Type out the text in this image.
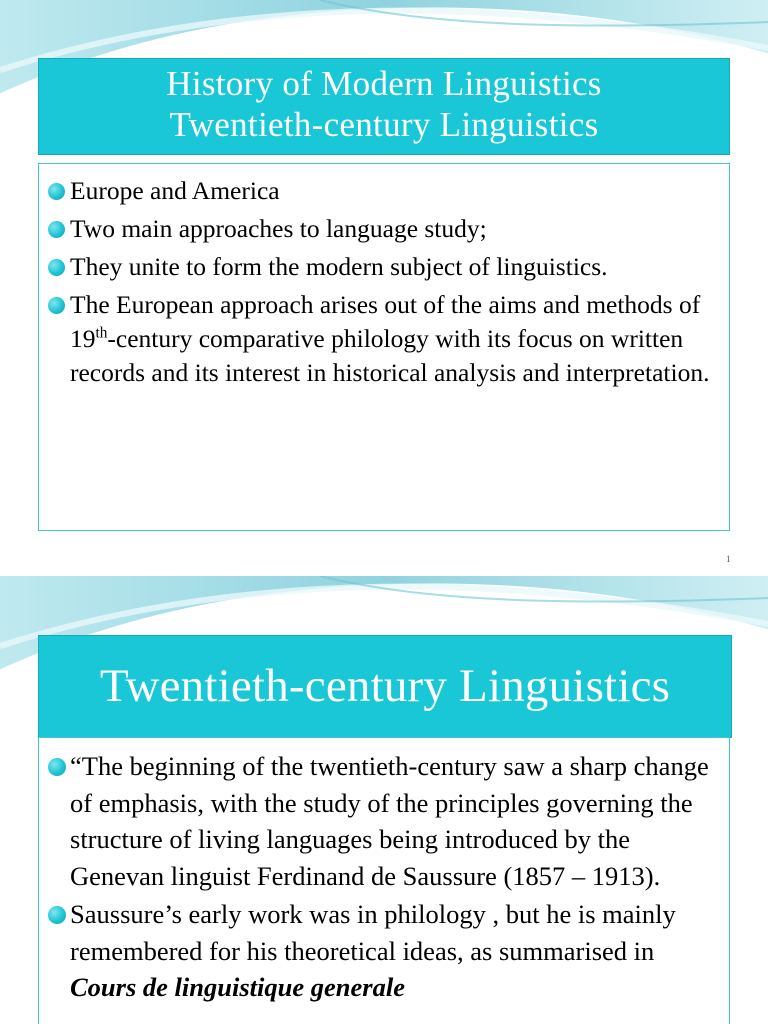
History of Modern Linguistics
Twentieth-century Linguistics
Europe and America
Two main approaches to language study;
They unite to form the modern subject of linguistics.
The European approach arises out of the aims and methods of 19th-century comparative philology with its focus on written records and its interest in historical analysis and interpretation.
1
Twentieth-century Linguistics
“The beginning of the twentieth-century saw a sharp change of emphasis, with the study of the principles governing the structure of living languages being introduced by the Genevan linguist Ferdinand de Saussure (1857 – 1913).
Saussure’s early work was in philology , but he is mainly remembered for his theoretical ideas, as summarised in Cours de linguistique generale
